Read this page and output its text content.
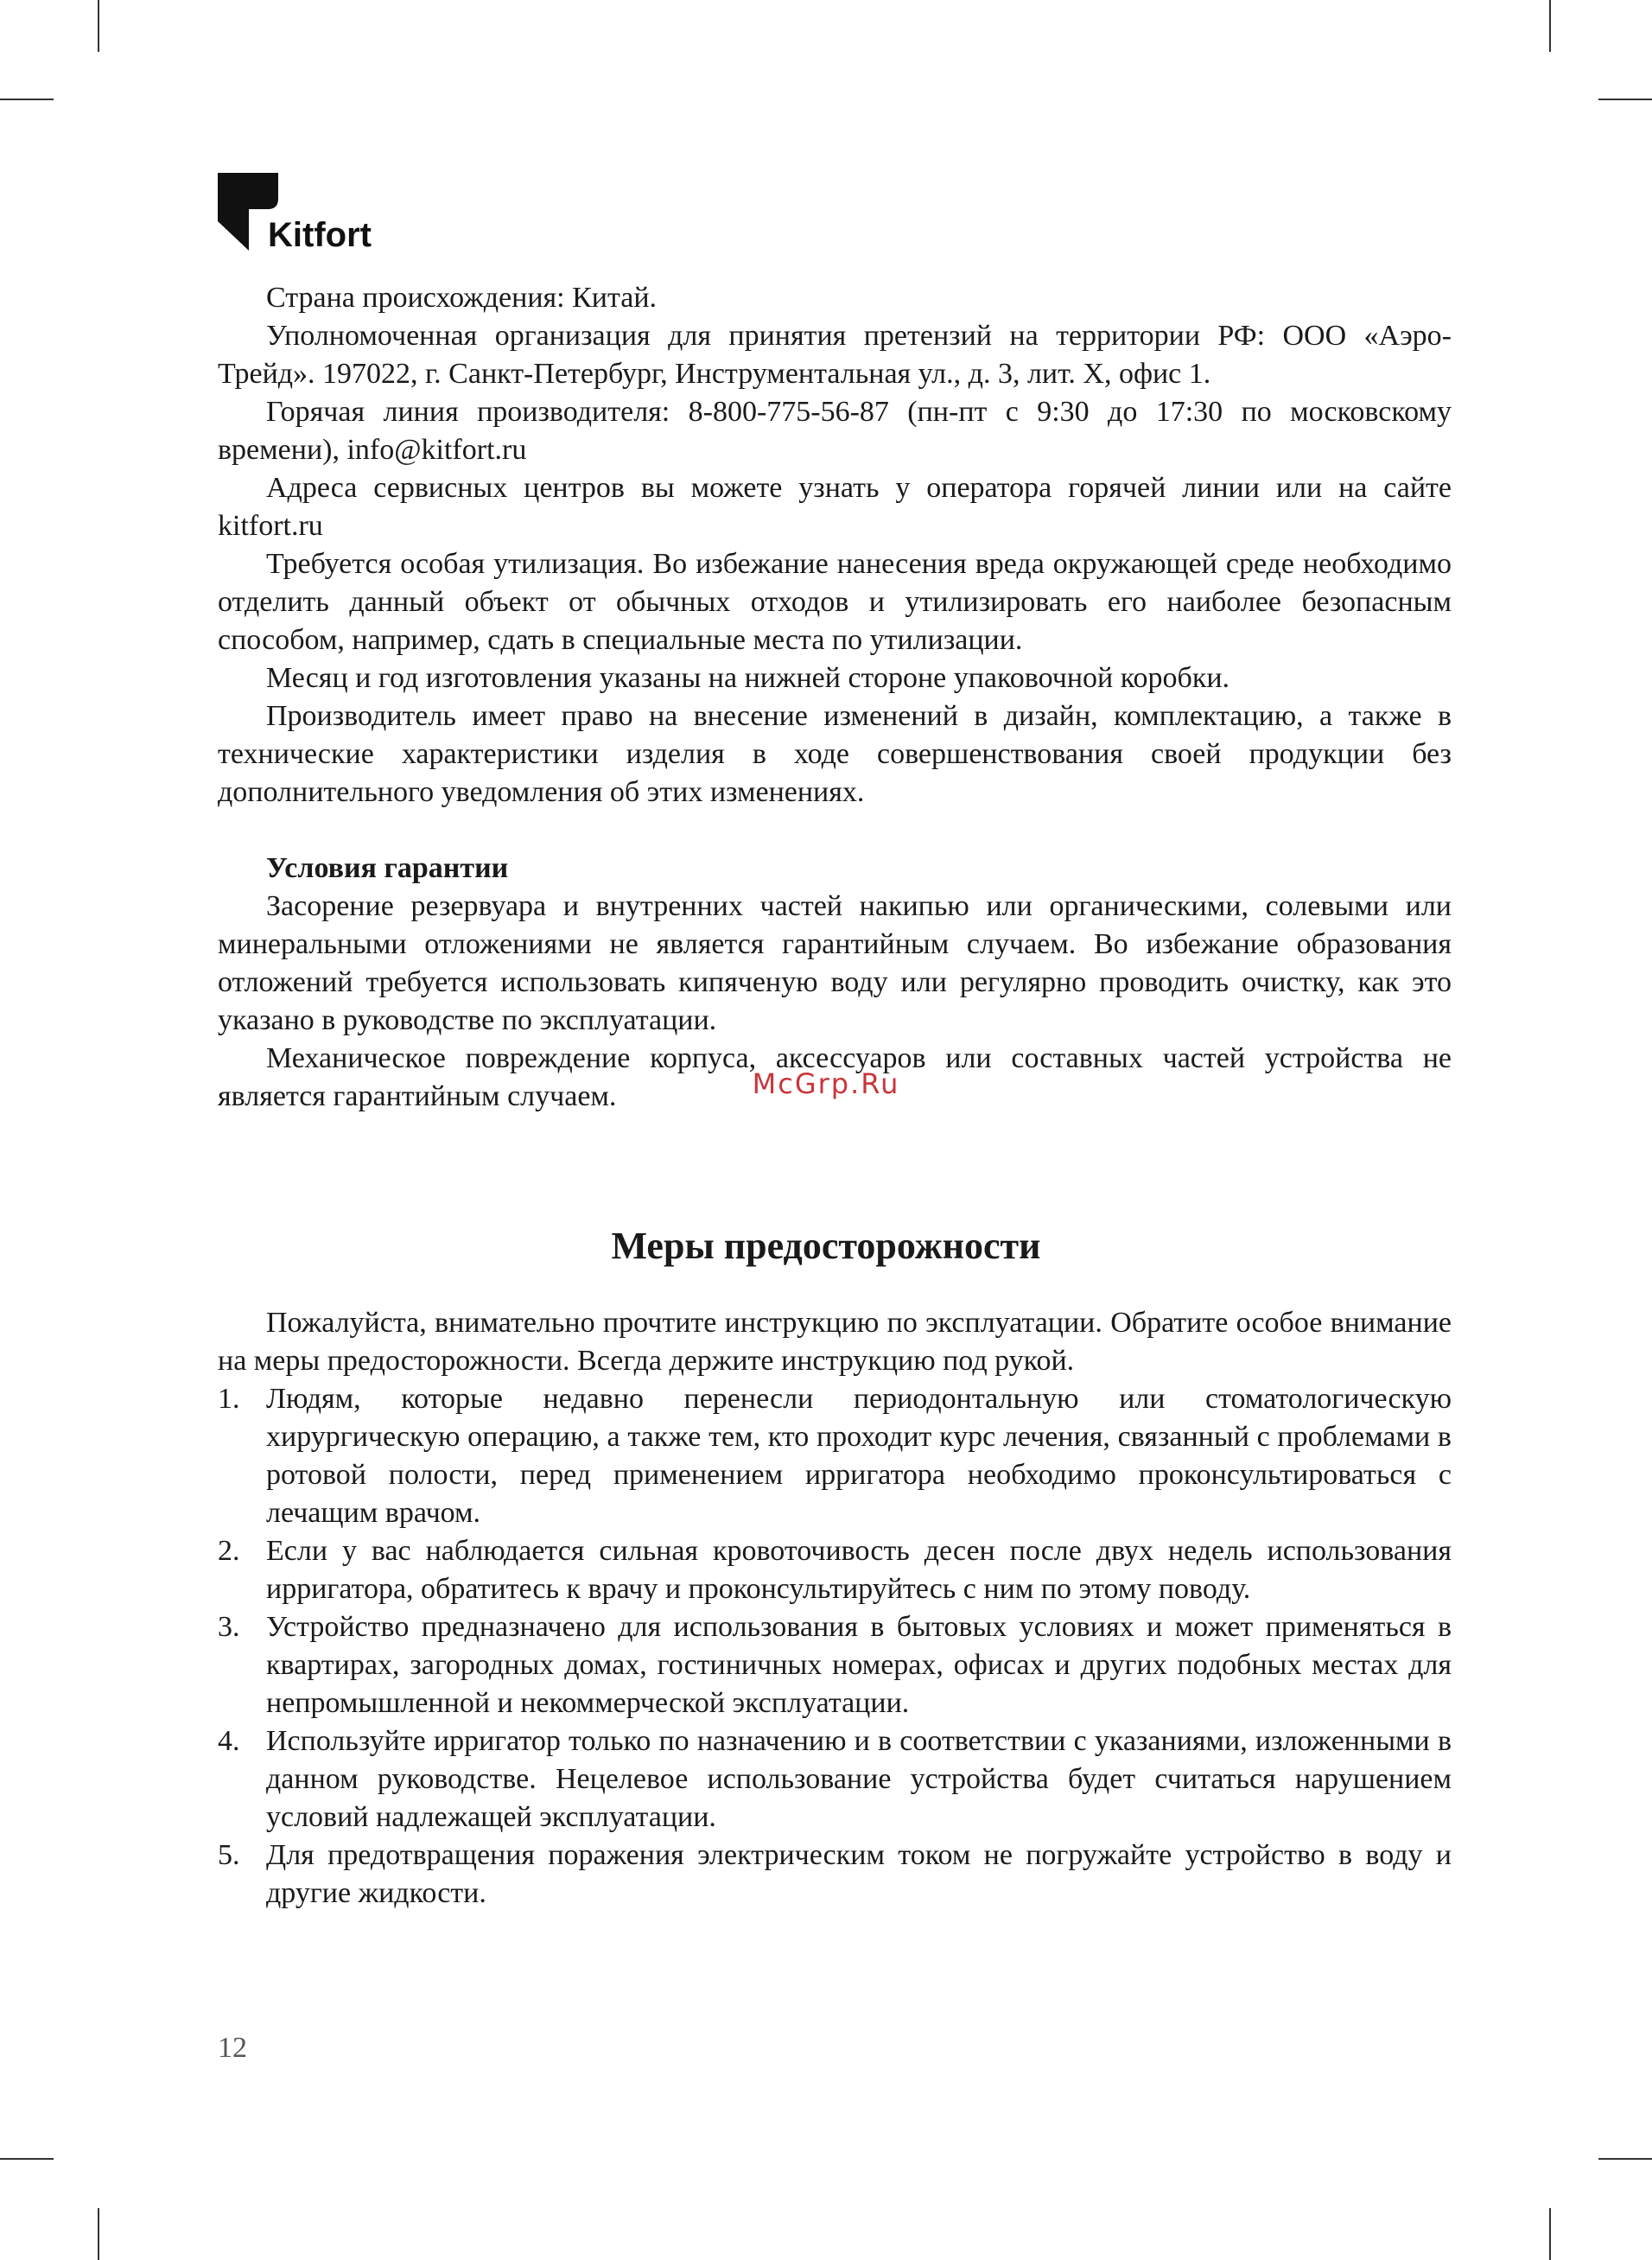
Kitfort

Страна происхождения: Китай.

Уполномоченная организация для принятия претензий на территории РФ: ООО «Аэро-Трейд». 197022, г. Санкт-Петербург, Инструментальная ул., д. 3, лит. Х, офис 1.

Горячая линия производителя: 8-800-775-56-87 (пн-пт с 9:30 до 17:30 по московскому времени), info@kitfort.ru

Адреса сервисных центров вы можете узнать у оператора горячей линии или на сайте kitfort.ru

Требуется особая утилизация. Во избежание нанесения вреда окружающей среде необходимо отделить данный объект от обычных отходов и утилизировать его наиболее безопасным способом, например, сдать в специальные места по утилизации.

Месяц и год изготовления указаны на нижней стороне упаковочной коробки.

Производитель имеет право на внесение изменений в дизайн, комплектацию, а также в технические характеристики изделия в ходе совершенствования своей продукции без дополнительного уведомления об этих изменениях.

Условия гарантии

Засорение резервуара и внутренних частей накипью или органическими, солевыми или минеральными отложениями не является гарантийным случаем. Во избежание образования отложений требуется использовать кипяченую воду или регулярно проводить очистку, как это указано в руководстве по эксплуатации.

Механическое повреждение корпуса, аксессуаров или составных частей устройства не является гарантийным случаем.	McGrp.Ru
Меры предосторожности

Пожалуйста, внимательно прочтите инструкцию по эксплуатации. Обратите особое внимание на меры предосторожности. Всегда держите инструкцию под рукой.

1. Людям, которые недавно перенесли периодонтальную или стоматологическую хирургическую операцию, а также тем, кто проходит курс лечения, связанный с проблемами в ротовой полости, перед применением ирригатора необходимо проконсультироваться с лечащим врачом.
2. Если у вас наблюдается сильная кровоточивость десен после двух недель использования ирригатора, обратитесь к врачу и проконсультируйтесь с ним по этому поводу.
3. Устройство предназначено для использования в бытовых условиях и может применяться в квартирах, загородных домах, гостиничных номерах, офисах и других подобных местах для непромышленной и некоммерческой эксплуатации.
4. Используйте ирригатор только по назначению и в соответствии с указаниями, изложенными в данном руководстве. Нецелевое использование устройства будет считаться нарушением условий надлежащей эксплуатации.
5. Для предотвращения поражения электрическим током не погружайте устройство в воду и другие жидкости.
12
